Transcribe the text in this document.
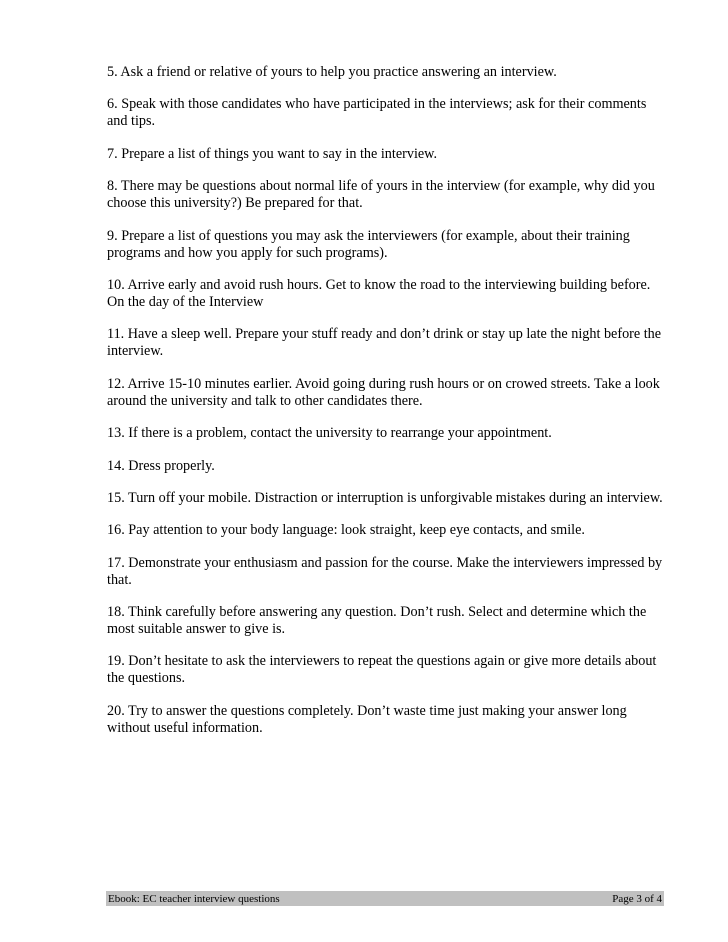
5. Ask a friend or relative of yours to help you practice answering an interview.

6. Speak with those candidates who have participated in the interviews; ask for their comments and tips.

7. Prepare a list of things you want to say in the interview.

8. There may be questions about normal life of yours in the interview (for example, why did you choose this university?) Be prepared for that.

9. Prepare a list of questions you may ask the interviewers (for example, about their training programs and how you apply for such programs).

10. Arrive early and avoid rush hours. Get to know the road to the interviewing building before. On the day of the Interview

11. Have a sleep well. Prepare your stuff ready and don’t drink or stay up late the night before the interview.

12. Arrive 15-10 minutes earlier. Avoid going during rush hours or on crowed streets. Take a look around the university and talk to other candidates there.

13. If there is a problem, contact the university to rearrange your appointment.

14. Dress properly.

15. Turn off your mobile. Distraction or interruption is unforgivable mistakes during an interview.

16. Pay attention to your body language: look straight, keep eye contacts, and smile.

17. Demonstrate your enthusiasm and passion for the course. Make the interviewers impressed by that.

18. Think carefully before answering any question. Don’t rush. Select and determine which the most suitable answer to give is.

19. Don’t hesitate to ask the interviewers to repeat the questions again or give more details about the questions.

20. Try to answer the questions completely. Don’t waste time just making your answer long without useful information.

Ebook: EC teacher interview questions	Page 3 of 4
